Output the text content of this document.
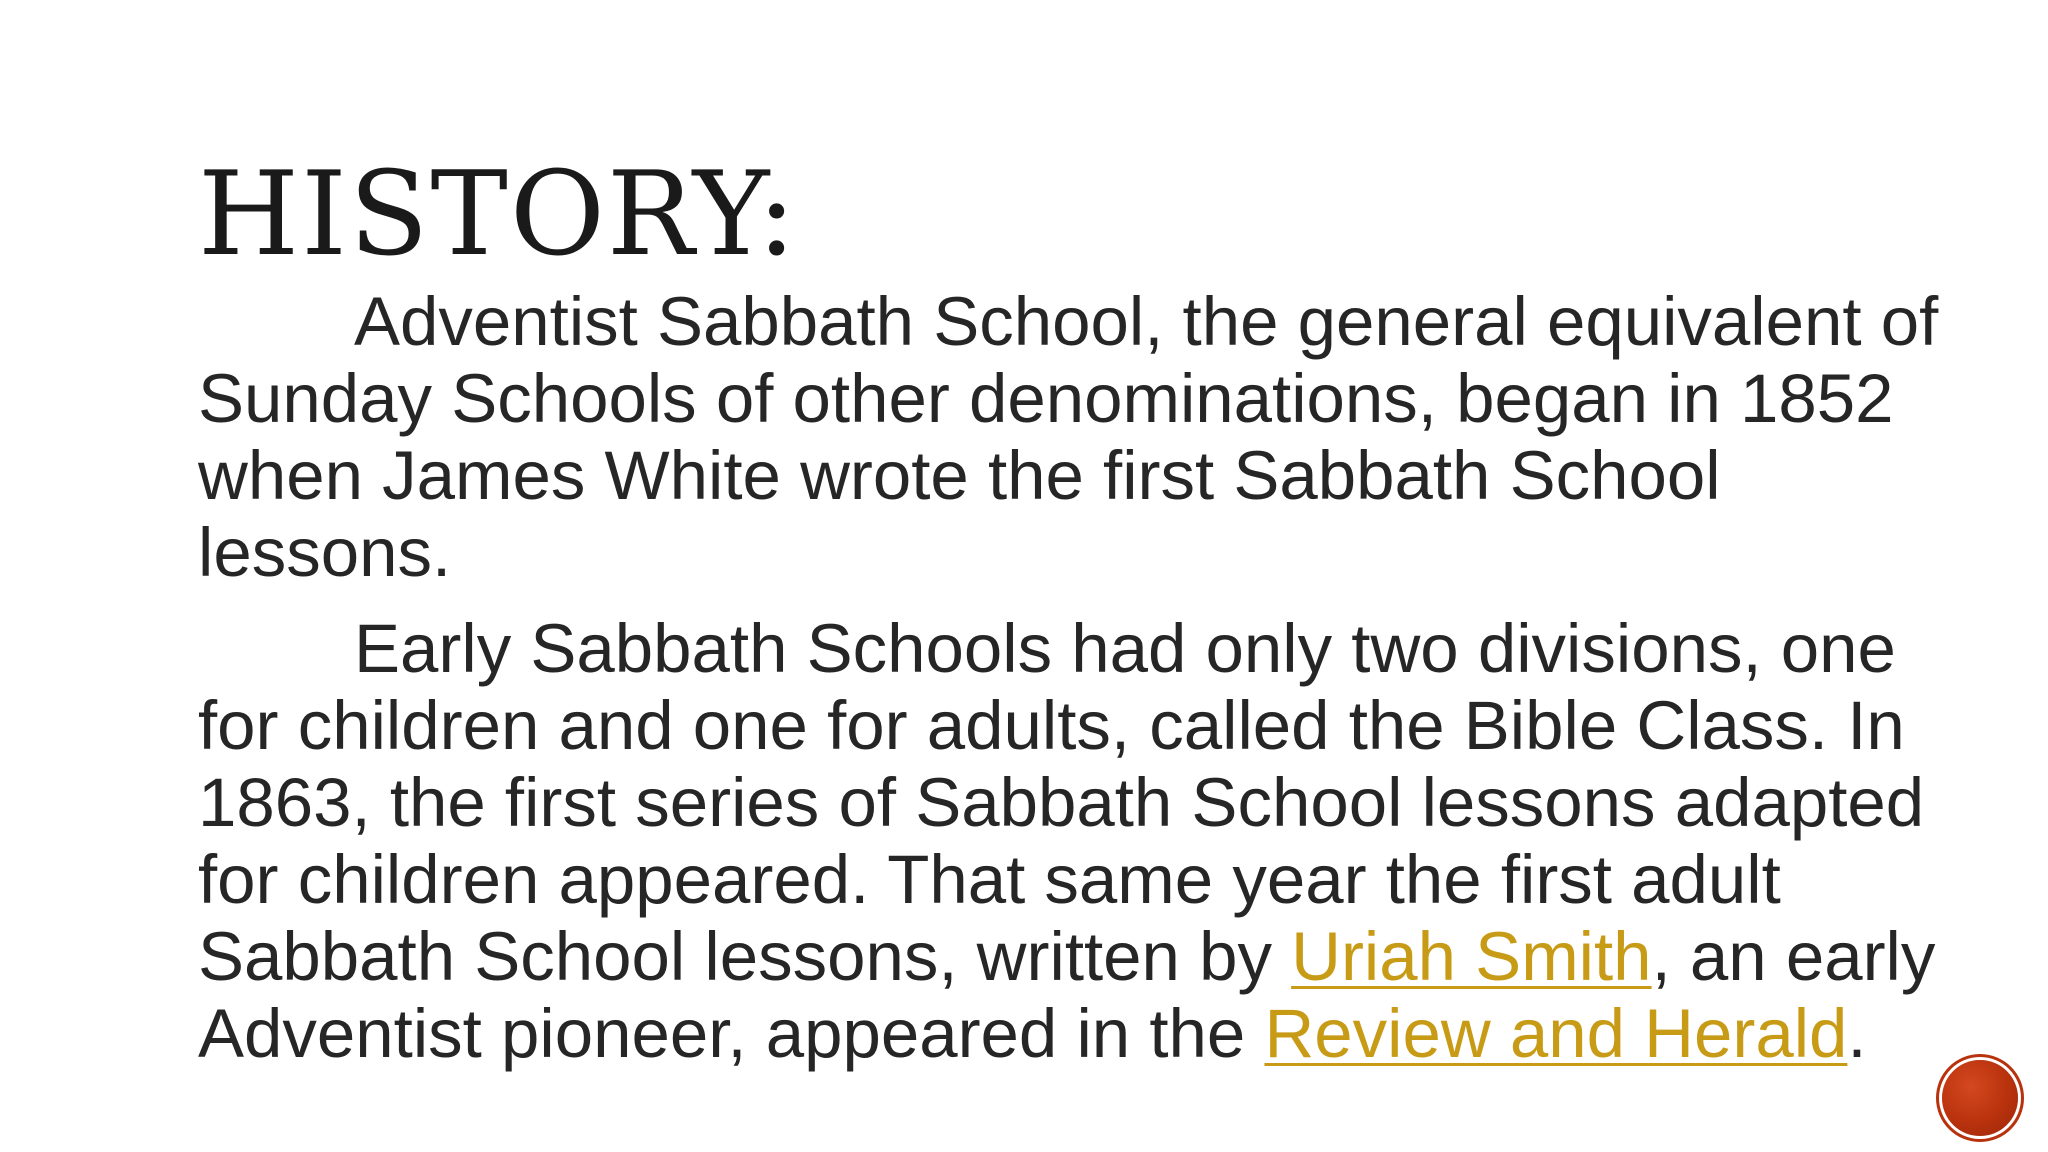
HISTORY:

Adventist Sabbath School, the general equivalent of Sunday Schools of other denominations, began in 1852 when James White wrote the first Sabbath School lessons.

Early Sabbath Schools had only two divisions, one for children and one for adults, called the Bible Class. In 1863, the first series of Sabbath School lessons adapted for children appeared. That same year the first adult Sabbath School lessons, written by Uriah Smith, an early Adventist pioneer, appeared in the Review and Herald.
